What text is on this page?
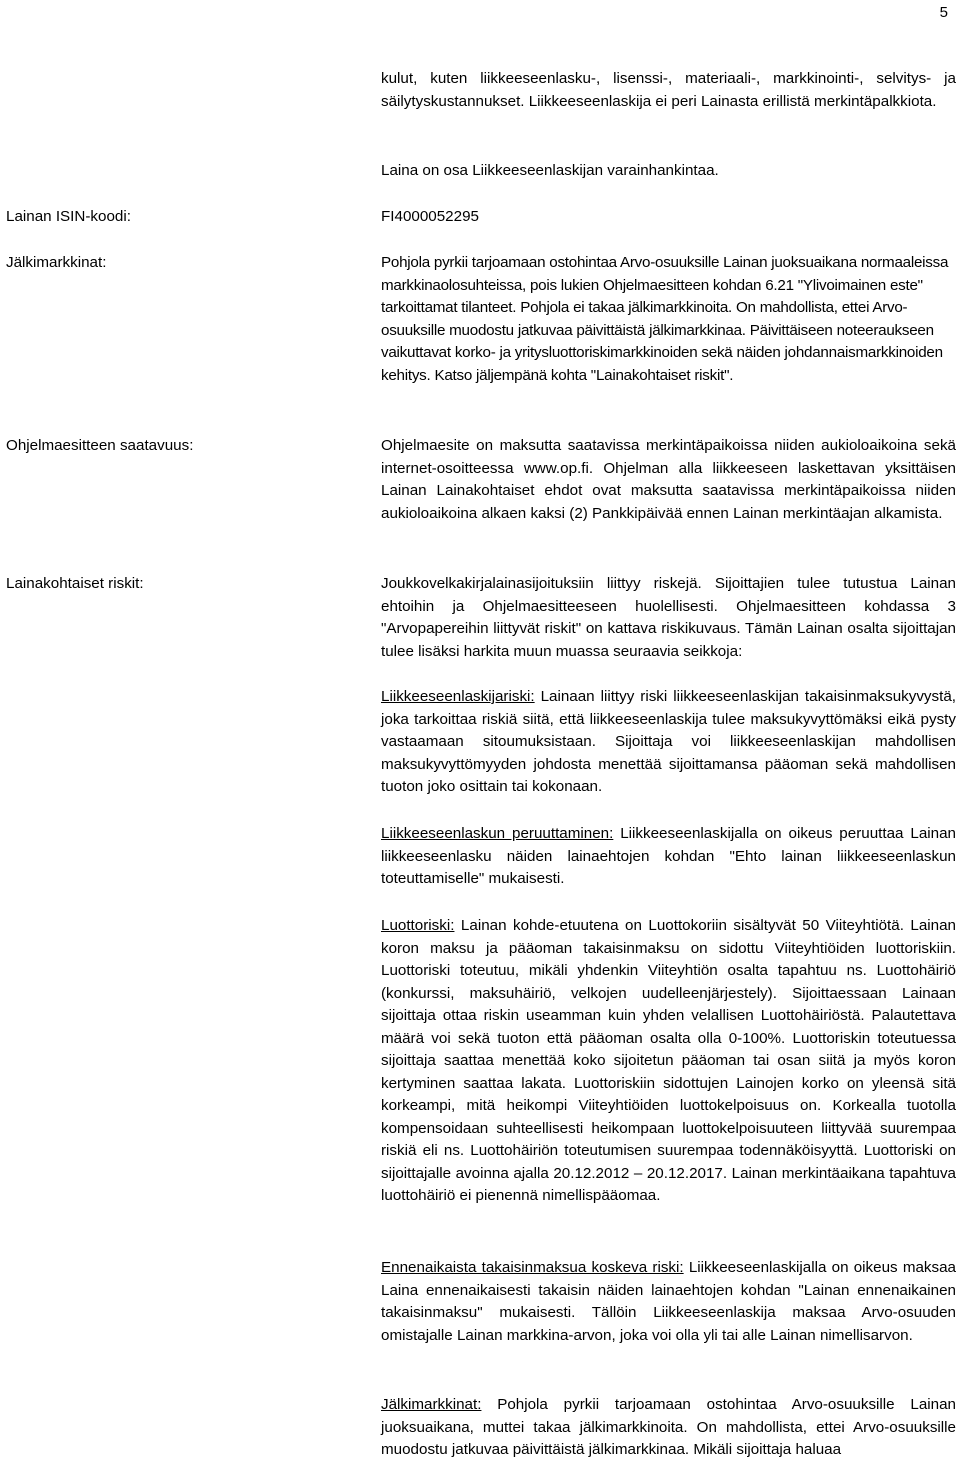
5

kulut, kuten liikkeeseenlasku-, lisenssi-, materiaali-, markkinointi-, selvitys- ja säilytyskustannukset. Liikkeeseenlaskija ei peri Lainasta erillistä merkintäpalkkiota.

Laina on osa Liikkeeseenlaskijan varainhankintaa.

Lainan ISIN-koodi:	FI4000052295
Jälkimarkkinat:	Pohjola pyrkii tarjoamaan ostohintaa Arvo-osuuksille Lainan juoksuaikana normaaleissa markkinaolosuhteissa, pois lukien Ohjelmaesitteen kohdan 6.21 "Ylivoimainen este" tarkoittamat tilanteet. Pohjola ei takaa jälkimarkkinoita. On mahdollista, ettei Arvo-osuuksille muodostu jatkuvaa päivittäistä jälkimarkkinaa. Päivittäiseen noteeraukseen vaikuttavat korko- ja yritysluottoriskimarkkinoiden sekä näiden johdannaismarkkinoiden kehitys. Katso jäljempänä kohta "Lainakohtaiset riskit".

Ohjelmaesitteen saatavuus:	Ohjelmaesite on maksutta saatavissa merkintäpaikoissa niiden aukioloaikoina sekä internet-osoitteessa www.op.fi. Ohjelman alla liikkeeseen laskettavan yksittäisen Lainan Lainakohtaiset ehdot ovat maksutta saatavissa merkintäpaikoissa niiden aukioloaikoina alkaen kaksi (2) Pankkipäivää ennen Lainan merkintäajan alkamista.

Lainakohtaiset riskit:	Joukkovelkakirjalainasijoituksiin liittyy riskejä. Sijoittajien tulee tutustua Lainan ehtoihin ja Ohjelmaesitteeseen huolellisesti. Ohjelmaesitteen kohdassa 3 "Arvopapereihin liittyvät riskit" on kattava riskikuvaus. Tämän Lainan osalta sijoittajan tulee lisäksi harkita muun muassa seuraavia seikkoja:

Liikkeeseenlaskijariski: Lainaan liittyy riski liikkeeseenlaskijan takaisinmaksukyvystä, joka tarkoittaa riskiä siitä, että liikkeeseenlaskija tulee maksukyvyttömäksi eikä pysty vastaamaan sitoumuksistaan. Sijoittaja voi liikkeeseenlaskijan mahdollisen maksukyvyttömyyden johdosta menettää sijoittamansa pääoman sekä mahdollisen tuoton joko osittain tai kokonaan.

Liikkeeseenlaskun peruuttaminen: Liikkeeseenlaskijalla on oikeus peruuttaa Lainan liikkeeseenlasku näiden lainaehtojen kohdan "Ehto lainan liikkeeseenlaskun toteuttamiselle" mukaisesti.

Luottoriski: Lainan kohde-etuutena on Luottokoriin sisältyvät 50 Viiteyhtiötä. Lainan koron maksu ja pääoman takaisinmaksu on sidottu Viiteyhtiöiden luottoriskiin. Luottoriski toteutuu, mikäli yhdenkin Viiteyhtiön osalta tapahtuu ns. Luottohäiriö (konkurssi, maksuhäiriö, velkojen uudelleenjärjestely). Sijoittaessaan Lainaan sijoittaja ottaa riskin useamman kuin yhden velallisen Luottohäiriöstä. Palautettava määrä voi sekä tuoton että pääoman osalta olla 0-100%. Luottoriskin toteutuessa sijoittaja saattaa menettää koko sijoitetun pääoman tai osan siitä ja myös koron kertyminen saattaa lakata. Luottoriskiin sidottujen Lainojen korko on yleensä sitä korkeampi, mitä heikompi Viiteyhtiöiden luottokelpoisuus on. Korkealla tuotolla kompensoidaan suhteellisesti heikompaan luottokelpoisuuteen liittyvää suurempaa riskiä eli ns. Luottohäiriön toteutumisen suurempaa todennäköisyyttä. Luottoriski on sijoittajalle avoinna ajalla 20.12.2012 – 20.12.2017. Lainan merkintäaikana tapahtuva luottohäiriö ei pienennä nimellispääomaa.

Ennenaikaista takaisinmaksua koskeva riski: Liikkeeseenlaskijalla on oikeus maksaa Laina ennenaikaisesti takaisin näiden lainaehtojen kohdan "Lainan ennenaikainen takaisinmaksu" mukaisesti. Tällöin Liikkeeseenlaskija maksaa Arvo-osuuden omistajalle Lainan markkina-arvon, joka voi olla yli tai alle Lainan nimellisarvon.

Jälkimarkkinat: Pohjola pyrkii tarjoamaan ostohintaa Arvo-osuuksille Lainan juoksuaikana, muttei takaa jälkimarkkinoita. On mahdollista, ettei Arvo-osuuksille muodostu jatkuvaa päivittäistä jälkimarkkinaa. Mikäli sijoittaja haluaa
